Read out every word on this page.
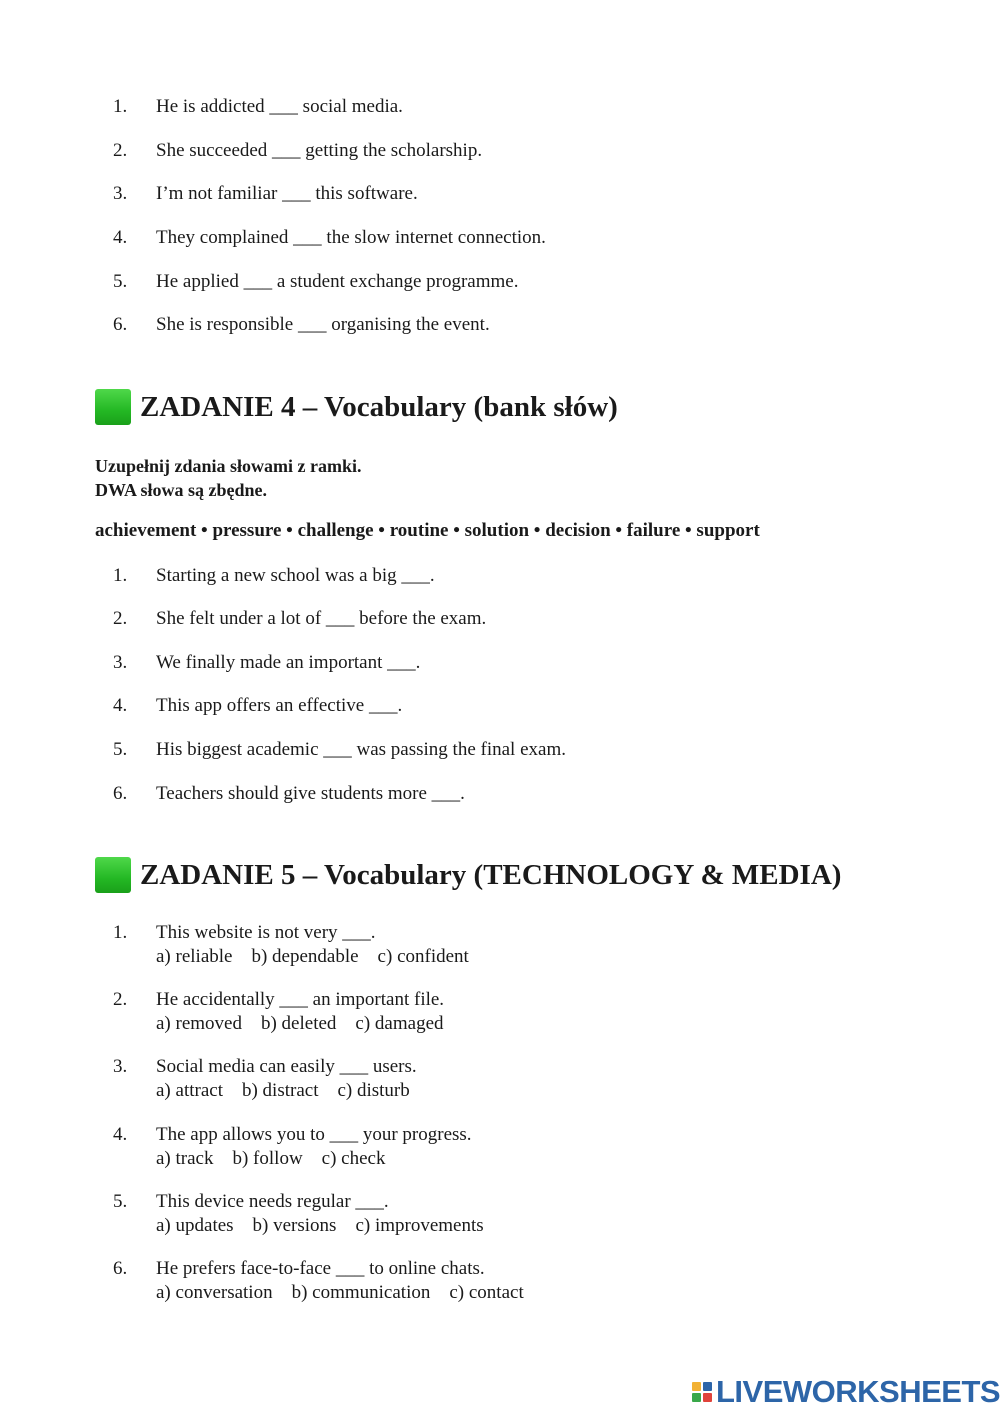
1. He is addicted ___ social media.
2. She succeeded ___ getting the scholarship.
3. I’m not familiar ___ this software.
4. They complained ___ the slow internet connection.
5. He applied ___ a student exchange programme.
6. She is responsible ___ organising the event.
ZADANIE 4 – Vocabulary (bank słów)
Uzupełnij zdania słowami z ramki.
DWA słowa są zbędne.
achievement • pressure • challenge • routine • solution • decision • failure • support
1. Starting a new school was a big ___.
2. She felt under a lot of ___ before the exam.
3. We finally made an important ___.
4. This app offers an effective ___.
5. His biggest academic ___ was passing the final exam.
6. Teachers should give students more ___.
ZADANIE 5 – Vocabulary (TECHNOLOGY & MEDIA)
1. This website is not very ___.
a) reliable    b) dependable    c) confident
2. He accidentally ___ an important file.
a) removed    b) deleted    c) damaged
3. Social media can easily ___ users.
a) attract    b) distract    c) disturb
4. The app allows you to ___ your progress.
a) track    b) follow    c) check
5. This device needs regular ___.
a) updates    b) versions    c) improvements
6. He prefers face-to-face ___ to online chats.
a) conversation    b) communication    c) contact
LIVEWORKSHEETS
